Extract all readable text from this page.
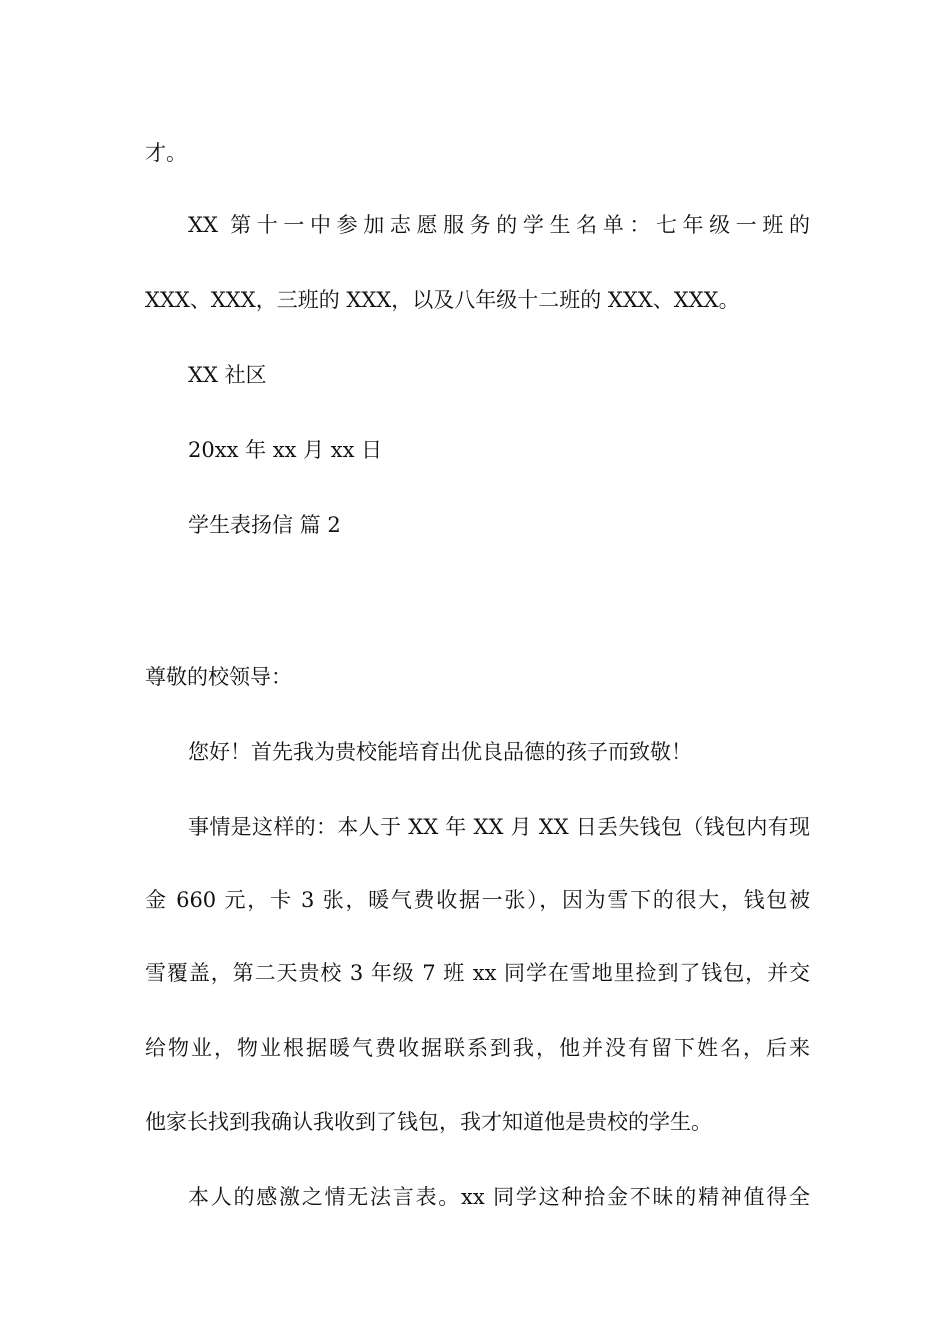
才。
XX 第十一中参加志愿服务的学生名单：七年级一班的
XXX、XXX，三班的 XXX，以及八年级十二班的 XXX、XXX。
XX 社区
20xx 年 xx 月 xx 日
学生表扬信 篇 2
尊敬的校领导：
您好！首先我为贵校能培育出优良品德的孩子而致敬！
事情是这样的：本人于 XX 年 XX 月 XX 日丢失钱包（钱包内有现
金 660 元，卡 3 张，暖气费收据一张），因为雪下的很大，钱包被
雪覆盖，第二天贵校 3 年级 7 班 xx 同学在雪地里捡到了钱包，并交
给物业，物业根据暖气费收据联系到我，他并没有留下姓名，后来
他家长找到我确认我收到了钱包，我才知道他是贵校的学生。
本人的感激之情无法言表。xx 同学这种拾金不昧的精神值得全
